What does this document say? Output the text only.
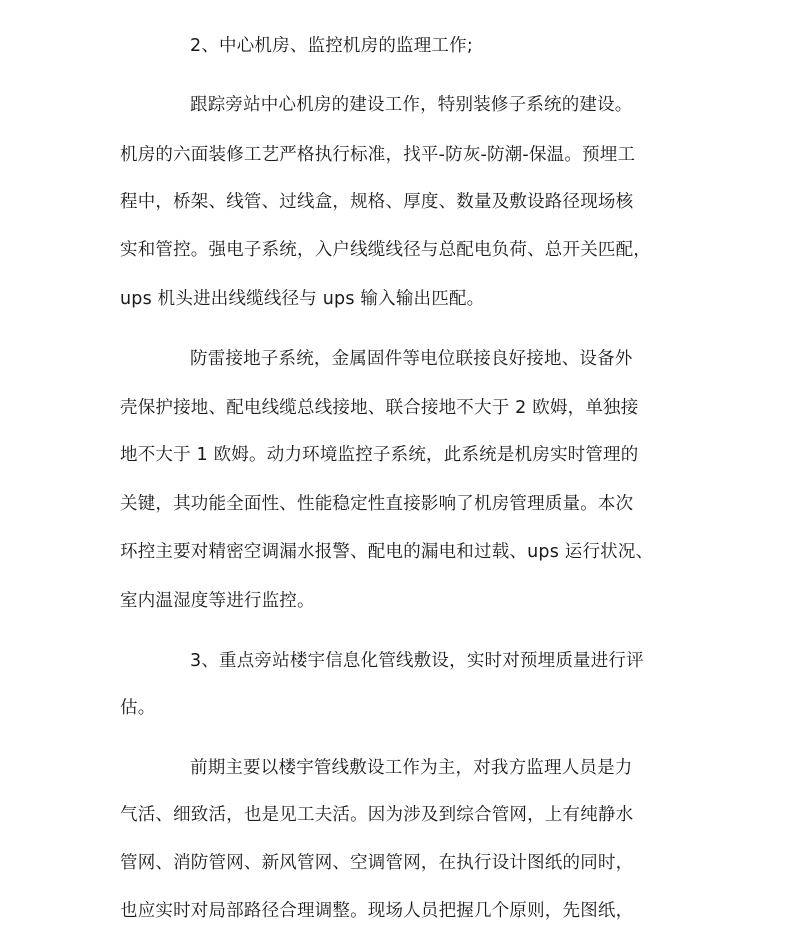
2、中心机房、监控机房的监理工作;
跟踪旁站中心机房的建设工作，特别装修子系统的建设。
机房的六面装修工艺严格执行标准，找平-防灰-防潮-保温。预埋工
程中，桥架、线管、过线盒，规格、厚度、数量及敷设路径现场核
实和管控。强电子系统，入户线缆线径与总配电负荷、总开关匹配，
ups 机头进出线缆线径与 ups 输入输出匹配。
防雷接地子系统，金属固件等电位联接良好接地、设备外
壳保护接地、配电线缆总线接地、联合接地不大于 2 欧姆，单独接
地不大于 1 欧姆。动力环境监控子系统，此系统是机房实时管理的
关键，其功能全面性、性能稳定性直接影响了机房管理质量。本次
环控主要对精密空调漏水报警、配电的漏电和过载、ups 运行状况、
室内温湿度等进行监控。
3、重点旁站楼宇信息化管线敷设，实时对预埋质量进行评
估。
前期主要以楼宇管线敷设工作为主，对我方监理人员是力
气活、细致活，也是见工夫活。因为涉及到综合管网，上有纯静水
管网、消防管网、新风管网、空调管网，在执行设计图纸的同时，
也应实时对局部路径合理调整。现场人员把握几个原则，先图纸，
